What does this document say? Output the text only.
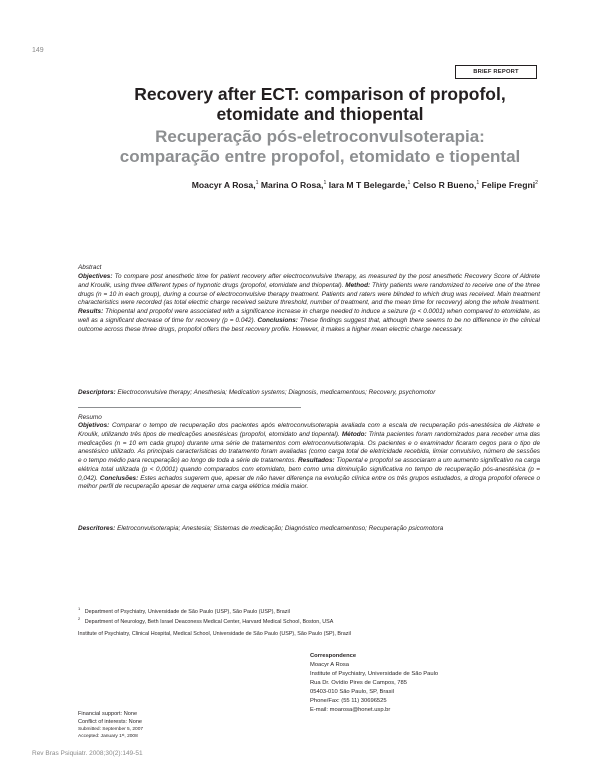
149
BRIEF REPORT
Recovery after ECT: comparison of propofol,
etomidate and thiopental
Recuperação pós-eletroconvulsoterapia:
comparação entre propofol, etomidato e tiopental
Moacyr A Rosa,$^1$ Marina O Rosa,$^1$ Iara M T Belegarde,$^1$ Celso R Bueno,$^1$ Felipe Fregni$^2$
Abstract
Objectives: To compare post anesthetic time for patient recovery after electroconvulsive therapy, as measured by the post anesthetic Recovery Score of Aldrete and Kroulik, using three different types of hypnotic drugs (propofol, etomidate and thiopental). Method: Thirty patients were randomized to receive one of the three drugs (n = 10 in each group), during a course of electroconvulsive therapy treatment. Patients and raters were blinded to which drug was received. Main treatment characteristics were recorded (as total electric charge received seizure threshold, number of treatment, and the mean time for recovery) along the whole treatment. Results: Thiopental and propofol were associated with a significance increase in charge needed to induce a seizure (p < 0.0001) when compared to etomidate, as well as a significant decrease of time for recovery (p = 0.042). Conclusions: These findings suggest that, although there seems to be no difference in the clinical outcome across these three drugs, propofol offers the best recovery profile. However, it makes a higher mean electric charge necessary.
Descriptors: Electroconvulsive therapy; Anesthesia; Medication systems; Diagnosis, medicamentous; Recovery, psychomotor
Resumo
Objetivos: Comparar o tempo de recuperação dos pacientes após eletroconvulsoterapia avaliada com a escala de recuperação pós-anestésica de Aldrete e Kroulik, utilizando três tipos de medicações anestésicas (propofol, etomidato and tiopental). Método: Trinta pacientes foram randomizados para receber uma das medicações (n = 10 em cada grupo) durante uma série de tratamentos com eletroconvulsoterapia. Os pacientes e o examinador ficaram cegos para o tipo de anestésico utilizado. As principais características do tratamento foram avaliadas (como carga total de eletricidade recebida, limiar convulsivo, número de sessões e o tempo médio para recuperação) ao longo de toda a série de tratamentos. Resultados: Tiopental e propofol se associaram a um aumento significativo na carga elétrica total utilizada (p < 0,0001) quando comparados com etomidato, bem como uma diminuição significativa no tempo de recuperação pós-anestésica (p = 0,042). Conclusões: Estes achados sugerem que, apesar de não haver diferença na evolução clínica entre os três grupos estudados, a droga propofol oferece o melhor perfil de recuperação apesar de requerer uma carga elétrica média maior.
Descritores: Eletroconvulsoterapia; Anestesia; Sistemas de medicação; Diagnóstico medicamentoso; Recuperação psicomotora
$^1$   Department of Psychiatry, Universidade de São Paulo (USP), São Paulo (USP), Brazil
$^2$   Department of Neurology, Beth Israel Deaconess Medical Center, Harvard Medical School, Boston, USA
Institute of Psychiatry, Clinical Hospital, Medical School, Universidade de São Paulo (USP), São Paulo (SP), Brazil
Correspondence
Moacyr A Rosa
Institute of Psychiatry, Universidade de São Paulo
Rua Dr. Ovídio Pires de Campos, 785
05403-010 São Paulo, SP, Brasil
Phone/Fax: (55 11) 30696525
E-mail: moarosa@honet.usp.br
Financial support: None
Conflict of interests: None
Submitted: September 5, 2007
Accepted: January 1ˢᵗ, 2008
Rev Bras Psiquiatr. 2008;30(2):149-51
